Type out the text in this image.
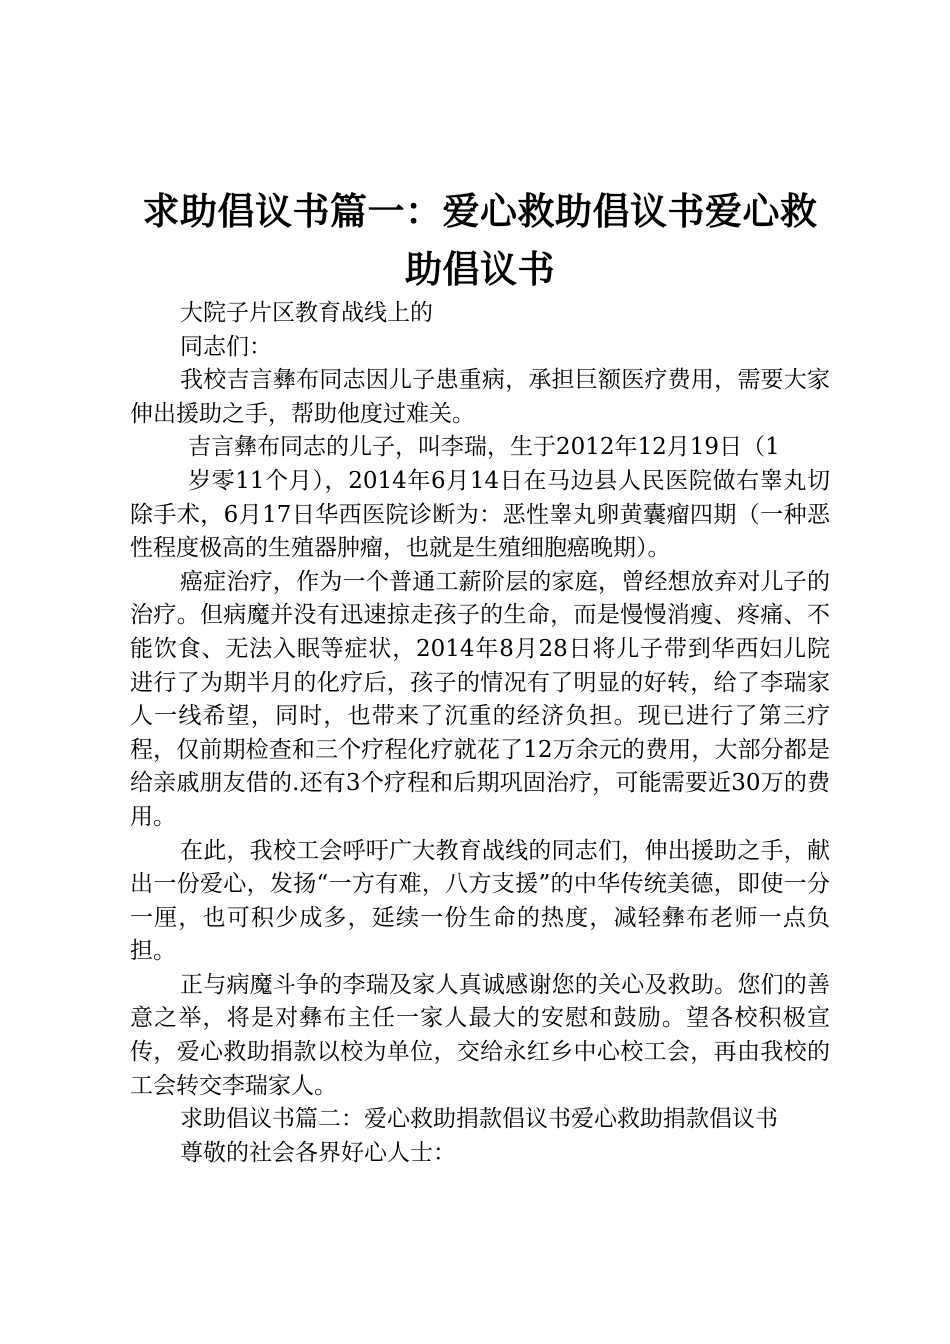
求助倡议书篇一：爱心救助倡议书爱心救助倡议书

大院子片区教育战线上的

同志们：

我校吉言彝布同志因儿子患重病，承担巨额医疗费用，需要大家伸出援助之手，帮助他度过难关。

吉言彝布同志的儿子，叫李瑞，生于2012年12月19日（1

岁零11个月），2014年6月14日在马边县人民医院做右睾丸切除手术，6月17日华西医院诊断为：恶性睾丸卵黄囊瘤四期（一种恶性程度极高的生殖器肿瘤，也就是生殖细胞癌晚期）。

癌症治疗，作为一个普通工薪阶层的家庭，曾经想放弃对儿子的治疗。但病魔并没有迅速掠走孩子的生命，而是慢慢消瘦、疼痛、不能饮食、无法入眠等症状，2014年8月28日将儿子带到华西妇儿院进行了为期半月的化疗后，孩子的情况有了明显的好转，给了李瑞家人一线希望，同时，也带来了沉重的经济负担。现已进行了第三疗程，仅前期检查和三个疗程化疗就花了12万余元的费用，大部分都是给亲戚朋友借的.还有3个疗程和后期巩固治疗，可能需要近30万的费用。

在此，我校工会呼吁广大教育战线的同志们，伸出援助之手，献出一份爱心，发扬“一方有难，八方支援”的中华传统美德，即使一分一厘，也可积少成多，延续一份生命的热度，减轻彝布老师一点负担。

正与病魔斗争的李瑞及家人真诚感谢您的关心及救助。您们的善意之举，将是对彝布主任一家人最大的安慰和鼓励。望各校积极宣传，爱心救助捐款以校为单位，交给永红乡中心校工会，再由我校的工会转交李瑞家人。

求助倡议书篇二：爱心救助捐款倡议书爱心救助捐款倡议书

尊敬的社会各界好心人士：
